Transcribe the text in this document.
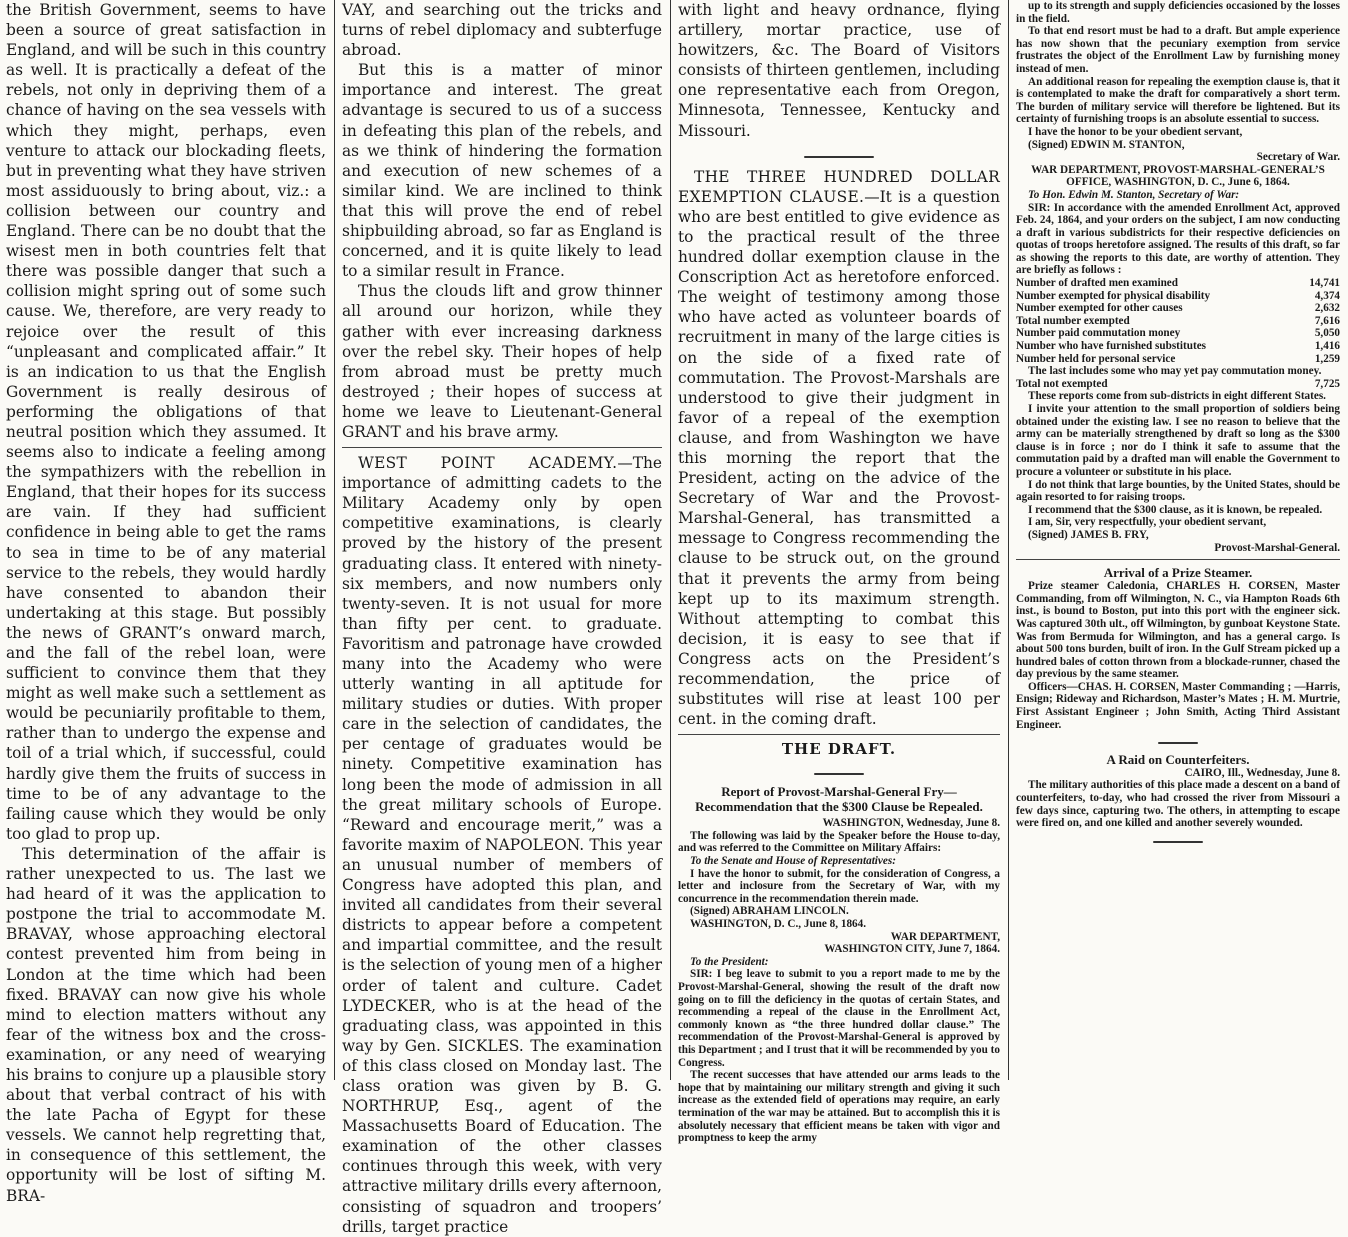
the British Government, seems to have been a source of great satisfaction in England, and will be such in this country as well. It is practically a defeat of the rebels, not only in depriving them of a chance of having on the sea vessels with which they might, perhaps, even venture to attack our blockading fleets, but in preventing what they have striven most assiduously to bring about, viz.: a collision between our country and England. There can be no doubt that the wisest men in both countries felt that there was possible danger that such a collision might spring out of some such cause. We, therefore, are very ready to rejoice over the result of this “unpleasant and complicated affair.” It is an indication to us that the English Government is really desirous of performing the obligations of that neutral position which they assumed. It seems also to indicate a feeling among the sympathizers with the rebellion in England, that their hopes for its success are vain. If they had sufficient confidence in being able to get the rams to sea in time to be of any material service to the rebels, they would hardly have consented to abandon their undertaking at this stage. But possibly the news of GRANT’s onward march, and the fall of the rebel loan, were sufficient to convince them that they might as well make such a settlement as would be pecuniarily profitable to them, rather than to undergo the expense and toil of a trial which, if successful, could hardly give them the fruits of success in time to be of any advantage to the failing cause which they would be only too glad to prop up.

This determination of the affair is rather unexpected to us. The last we had heard of it was the application to postpone the trial to accommodate M. BRAVAY, whose approaching electoral contest prevented him from being in London at the time which had been fixed. BRAVAY can now give his whole mind to election matters without any fear of the witness box and the cross-examination, or any need of wearying his brains to conjure up a plausible story about that verbal contract of his with the late Pacha of Egypt for these vessels. We cannot help regretting that, in consequence of this settlement, the opportunity will be lost of sifting M. BRA-

VAY, and searching out the tricks and turns of rebel diplomacy and subterfuge abroad.

But this is a matter of minor importance and interest. The great advantage is secured to us of a success in defeating this plan of the rebels, and as we think of hindering the formation and execution of new schemes of a similar kind. We are inclined to think that this will prove the end of rebel shipbuilding abroad, so far as England is concerned, and it is quite likely to lead to a similar result in France.

Thus the clouds lift and grow thinner all around our horizon, while they gather with ever increasing darkness over the rebel sky. Their hopes of help from abroad must be pretty much destroyed ; their hopes of success at home we leave to Lieutenant-General GRANT and his brave army.

WEST POINT ACADEMY.—The importance of admitting cadets to the Military Academy only by open competitive examinations, is clearly proved by the history of the present graduating class. It entered with ninety-six members, and now numbers only twenty-seven. It is not usual for more than fifty per cent. to graduate. Favoritism and patronage have crowded many into the Academy who were utterly wanting in all aptitude for military studies or duties. With proper care in the selection of candidates, the per centage of graduates would be ninety. Competitive examination has long been the mode of admission in all the great military schools of Europe. “Reward and encourage merit,” was a favorite maxim of NAPOLEON. This year an unusual number of members of Congress have adopted this plan, and invited all candidates from their several districts to appear before a competent and impartial committee, and the result is the selection of young men of a higher order of talent and culture. Cadet LYDECKER, who is at the head of the graduating class, was appointed in this way by Gen. SICKLES. The examination of this class closed on Monday last. The class oration was given by B. G. NORTHRUP, Esq., agent of the Massachusetts Board of Education. The examination of the other classes continues through this week, with very attractive military drills every afternoon, consisting of squadron and troopers’ drills, target practice

with light and heavy ordnance, flying artillery, mortar practice, use of howitzers, &c. The Board of Visitors consists of thirteen gentlemen, including one representative each from Oregon, Minnesota, Tennessee, Kentucky and Missouri.

THE THREE HUNDRED DOLLAR EXEMPTION CLAUSE.—It is a question who are best entitled to give evidence as to the practical result of the three hundred dollar exemption clause in the Conscription Act as heretofore enforced. The weight of testimony among those who have acted as volunteer boards of recruitment in many of the large cities is on the side of a fixed rate of commutation. The Provost-Marshals are understood to give their judgment in favor of a repeal of the exemption clause, and from Washington we have this morning the report that the President, acting on the advice of the Secretary of War and the Provost-Marshal-General, has transmitted a message to Congress recommending the clause to be struck out, on the ground that it prevents the army from being kept up to its maximum strength. Without attempting to combat this decision, it is easy to see that if Congress acts on the President’s recommendation, the price of substitutes will rise at least 100 per cent. in the coming draft.

THE DRAFT.
Report of Provost-Marshal-General Fry—Recommendation that the $300 Clause be Repealed.

WASHINGTON, Wednesday, June 8.

The following was laid by the Speaker before the House to-day, and was referred to the Committee on Military Affairs:

To the Senate and House of Representatives:

I have the honor to submit, for the consideration of Congress, a letter and inclosure from the Secretary of War, with my concurrence in the recommendation therein made.

(Signed) ABRAHAM LINCOLN.

WASHINGTON, D. C., June 8, 1864.

WAR DEPARTMENT,

WASHINGTON CITY, June 7, 1864.

To the President:

SIR: I beg leave to submit to you a report made to me by the Provost-Marshal-General, showing the result of the draft now going on to fill the deficiency in the quotas of certain States, and recommending a repeal of the clause in the Enrollment Act, commonly known as “the three hundred dollar clause.” The recommendation of the Provost-Marshal-General is approved by this Department ; and I trust that it will be recommended by you to Congress.

The recent successes that have attended our arms leads to the hope that by maintaining our military strength and giving it such increase as the extended field of operations may require, an early termination of the war may be attained. But to accomplish this it is absolutely necessary that efficient means be taken with vigor and promptness to keep the army

up to its strength and supply deficiencies occasioned by the losses in the field.

To that end resort must be had to a draft. But ample experience has now shown that the pecuniary exemption from service frustrates the object of the Enrollment Law by furnishing money instead of men.

An additional reason for repealing the exemption clause is, that it is contemplated to make the draft for comparatively a short term. The burden of military service will therefore be lightened. But its certainty of furnishing troops is an absolute essential to success.

I have the honor to be your obedient servant,

(Signed) EDWIN M. STANTON,

Secretary of War.

WAR DEPARTMENT, PROVOST-MARSHAL-GENERAL’S OFFICE, WASHINGTON, D. C., June 6, 1864.

To Hon. Edwin M. Stanton, Secretary of War:

SIR: In accordance with the amended Enrollment Act, approved Feb. 24, 1864, and your orders on the subject, I am now conducting a draft in various subdistricts for their respective deficiencies on quotas of troops heretofore assigned. The results of this draft, so far as showing the reports to this date, are worthy of attention. They are briefly as follows :

Number of drafted men examined	14,741
Number exempted for physical disability	4,374
Number exempted for other causes	2,632
Total number exempted	7,616
Number paid commutation money	5,050
Number who have furnished substitutes	1,416
Number held for personal service	1,259

The last includes some who may yet pay commutation money.

Total not exempted	7,725

These reports come from sub-districts in eight different States.

I invite your attention to the small proportion of soldiers being obtained under the existing law. I see no reason to believe that the army can be materially strengthened by draft so long as the $300 clause is in force ; nor do I think it safe to assume that the commutation paid by a drafted man will enable the Government to procure a volunteer or substitute in his place.

I do not think that large bounties, by the United States, should be again resorted to for raising troops.

I recommend that the $300 clause, as it is known, be repealed.

I am, Sir, very respectfully, your obedient servant,

(Signed) JAMES B. FRY,

Provost-Marshal-General.

Arrival of a Prize Steamer.

Prize steamer Caledonia, CHARLES H. CORSEN, Master Commanding, from off Wilmington, N. C., via Hampton Roads 6th inst., is bound to Boston, put into this port with the engineer sick. Was captured 30th ult., off Wilmington, by gunboat Keystone State. Was from Bermuda for Wilmington, and has a general cargo. Is about 500 tons burden, built of iron. In the Gulf Stream picked up a hundred bales of cotton thrown from a blockade-runner, chased the day previous by the same steamer.

Officers—CHAS. H. CORSEN, Master Commanding ; —Harris, Ensign; Rideway and Richardson, Master’s Mates ; H. M. Murtrie, First Assistant Engineer ; John Smith, Acting Third Assistant Engineer.

A Raid on Counterfeiters.

CAIRO, Ill., Wednesday, June 8.

The military authorities of this place made a descent on a band of counterfeiters, to-day, who had crossed the river from Missouri a few days since, capturing two. The others, in attempting to escape were fired on, and one killed and another severely wounded.
